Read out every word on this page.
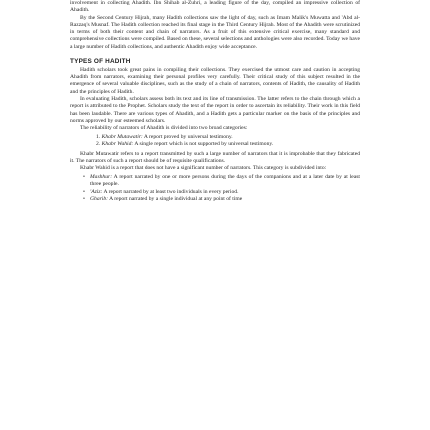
involvement in collecting Ahadith. Ibn Shihab al-Zuhri, a leading figure of the day, compiled an impressive collection of Ahadith.

By the Second Century Hijrah, many Hadith collections saw the light of day, such as Imam Malik's Muwatta and 'Abd al-Razzaq's Musnaf. The Hadith collection reached its final stage in the Third Century Hijrah. Most of the Ahadith were scrutinized in terms of both their content and chain of narrators. As a fruit of this extensive critical exercise, many standard and comprehensive collections were compiled. Based on these, several selections and anthologies were also recorded. Today we have a large number of Hadith collections, and authentic Ahadith enjoy wide acceptance.

TYPES OF HADITH

Hadith scholars took great pains in compiling their collections. They exercised the utmost care and caution in accepting Ahadith from narrators, examining their personal profiles very carefully. Their critical study of this subject resulted in the emergence of several valuable disciplines, such as the study of a chain of narrators, contents of Hadith, the causality of Hadith and the principles of Hadith.

In evaluating Hadith, scholars assess both its text and its line of transmission. The latter refers to the chain through which a report is attributed to the Prophet. Scholars study the text of the report in order to ascertain its reliability. Their work in this field has been laudable. There are various types of Ahadith, and a Hadith gets a particular marker on the basis of the principles and norms approved by our esteemed scholars.

The reliability of narrators of Ahadith is divided into two broad categories:

1. Khabr Mutawatir: A report proved by universal testimony.
2. Khabr Wahid: A single report which is not supported by universal testimony.

Khabr Mutawatir refers to a report transmitted by such a large number of narrators that it is improbable that they fabricated it. The narrators of such a report should be of requisite qualifications.

Khabr Wahid is a report that does not have a significant number of narrators. This category is subdivided into:

• Mashhur: A report narrated by one or more persons during the days of the companions and at a later date by at least three people.
• 'Aziz: A report narrated by at least two individuals in every period.
• Gharib: A report narrated by a single individual at any point of time
